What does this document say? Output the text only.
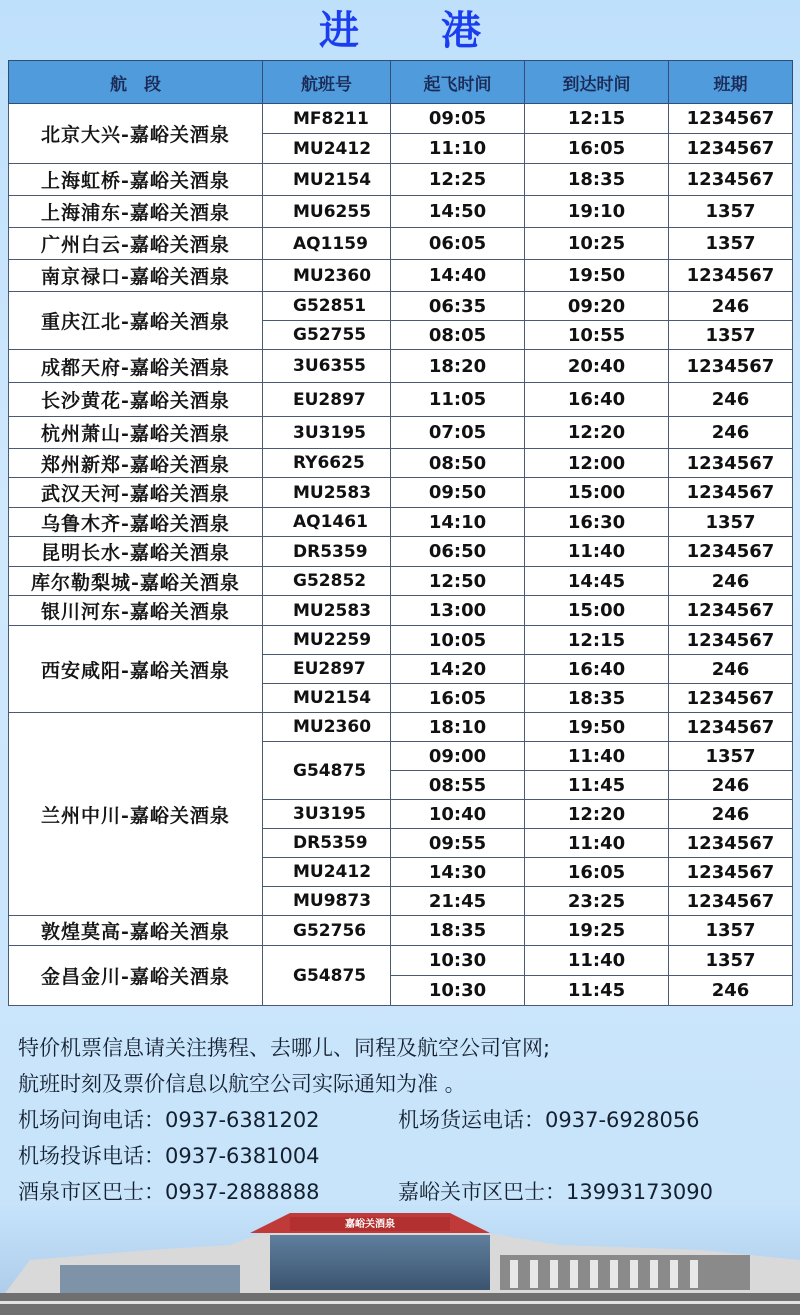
进 港
航　段	航班号	起飞时间	到达时间	班期
北京大兴-嘉峪关酒泉	MF8211	09:05	12:15	1234567
	MU2412	11:10	16:05	1234567
上海虹桥-嘉峪关酒泉	MU2154	12:25	18:35	1234567
上海浦东-嘉峪关酒泉	MU6255	14:50	19:10	1357
广州白云-嘉峪关酒泉	AQ1159	06:05	10:25	1357
南京禄口-嘉峪关酒泉	MU2360	14:40	19:50	1234567
重庆江北-嘉峪关酒泉	G52851	06:35	09:20	246
	G52755	08:05	10:55	1357
成都天府-嘉峪关酒泉	3U6355	18:20	20:40	1234567
长沙黄花-嘉峪关酒泉	EU2897	11:05	16:40	246
杭州萧山-嘉峪关酒泉	3U3195	07:05	12:20	246
郑州新郑-嘉峪关酒泉	RY6625	08:50	12:00	1234567
武汉天河-嘉峪关酒泉	MU2583	09:50	15:00	1234567
乌鲁木齐-嘉峪关酒泉	AQ1461	14:10	16:30	1357
昆明长水-嘉峪关酒泉	DR5359	06:50	11:40	1234567
库尔勒梨城-嘉峪关酒泉	G52852	12:50	14:45	246
银川河东-嘉峪关酒泉	MU2583	13:00	15:00	1234567
西安咸阳-嘉峪关酒泉	MU2259	10:05	12:15	1234567
	EU2897	14:20	16:40	246
	MU2154	16:05	18:35	1234567
兰州中川-嘉峪关酒泉	MU2360	18:10	19:50	1234567
	G54875	09:00	11:40	1357
		08:55	11:45	246
	3U3195	10:40	12:20	246
	DR5359	09:55	11:40	1234567
	MU2412	14:30	16:05	1234567
	MU9873	21:45	23:25	1234567
敦煌莫高-嘉峪关酒泉	G52756	18:35	19:25	1357
金昌金川-嘉峪关酒泉	G54875	10:30	11:40	1357
		10:30	11:45	246
特价机票信息请关注携程、去哪儿、同程及航空公司官网;
航班时刻及票价信息以航空公司实际通知为准 。
机场问询电话：0937-6381202	机场货运电话：0937-6928056
机场投诉电话：0937-6381004
酒泉市区巴士：0937-2888888	嘉峪关市区巴士：13993173090
嘉峪关酒泉
